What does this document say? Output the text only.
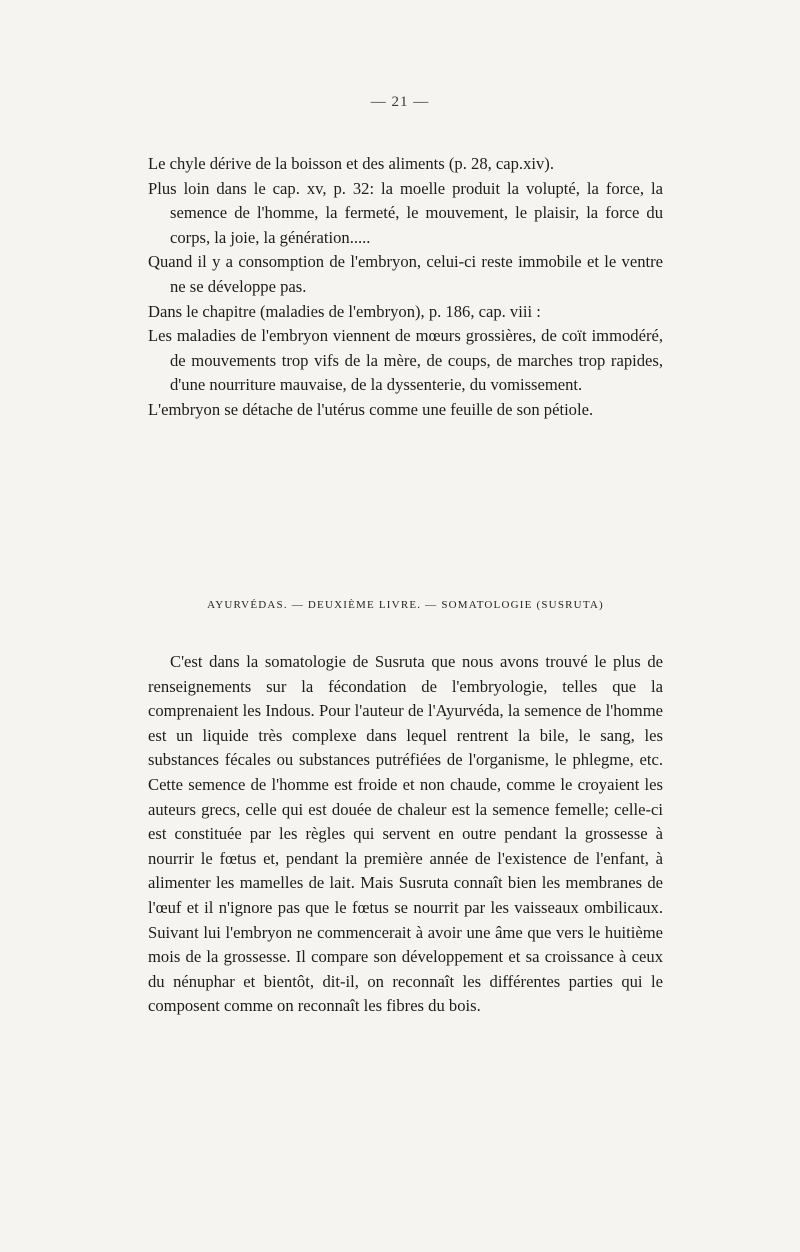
— 21 —

Le chyle dérive de la boisson et des aliments (p. 28, cap.xiv).

Plus loin dans le cap. xv, p. 32: la moelle produit la volupté, la force, la semence de l'homme, la fermeté, le mouvement, le plaisir, la force du corps, la joie, la génération.....

Quand il y a consomption de l'embryon, celui-ci reste immobile et le ventre ne se développe pas.

Dans le chapitre (maladies de l'embryon), p. 186, cap. viii :

Les maladies de l'embryon viennent de mœurs grossières, de coït immodéré, de mouvements trop vifs de la mère, de coups, de marches trop rapides, d'une nourriture mauvaise, de la dyssenterie, du vomissement.

L'embryon se détache de l'utérus comme une feuille de son pétiole.

AYURVÉDAS. — DEUXIÈME LIVRE. — SOMATOLOGIE (SUSRUTA)

C'est dans la somatologie de Susruta que nous avons trouvé le plus de renseignements sur la fécondation de l'embryologie, telles que la comprenaient les Indous. Pour l'auteur de l'Ayurvéda, la semence de l'homme est un liquide très complexe dans lequel rentrent la bile, le sang, les substances fécales ou substances putréfiées de l'organisme, le phlegme, etc. Cette semence de l'homme est froide et non chaude, comme le croyaient les auteurs grecs, celle qui est douée de chaleur est la semence femelle; celle-ci est constituée par les règles qui servent en outre pendant la grossesse à nourrir le fœtus et, pendant la première année de l'existence de l'enfant, à alimenter les mamelles de lait. Mais Susruta connaît bien les membranes de l'œuf et il n'ignore pas que le fœtus se nourrit par les vaisseaux ombilicaux. Suivant lui l'embryon ne commencerait à avoir une âme que vers le huitième mois de la grossesse. Il compare son développement et sa croissance à ceux du nénuphar et bientôt, dit-il, on reconnaît les différentes parties qui le composent comme on reconnaît les fibres du bois.
